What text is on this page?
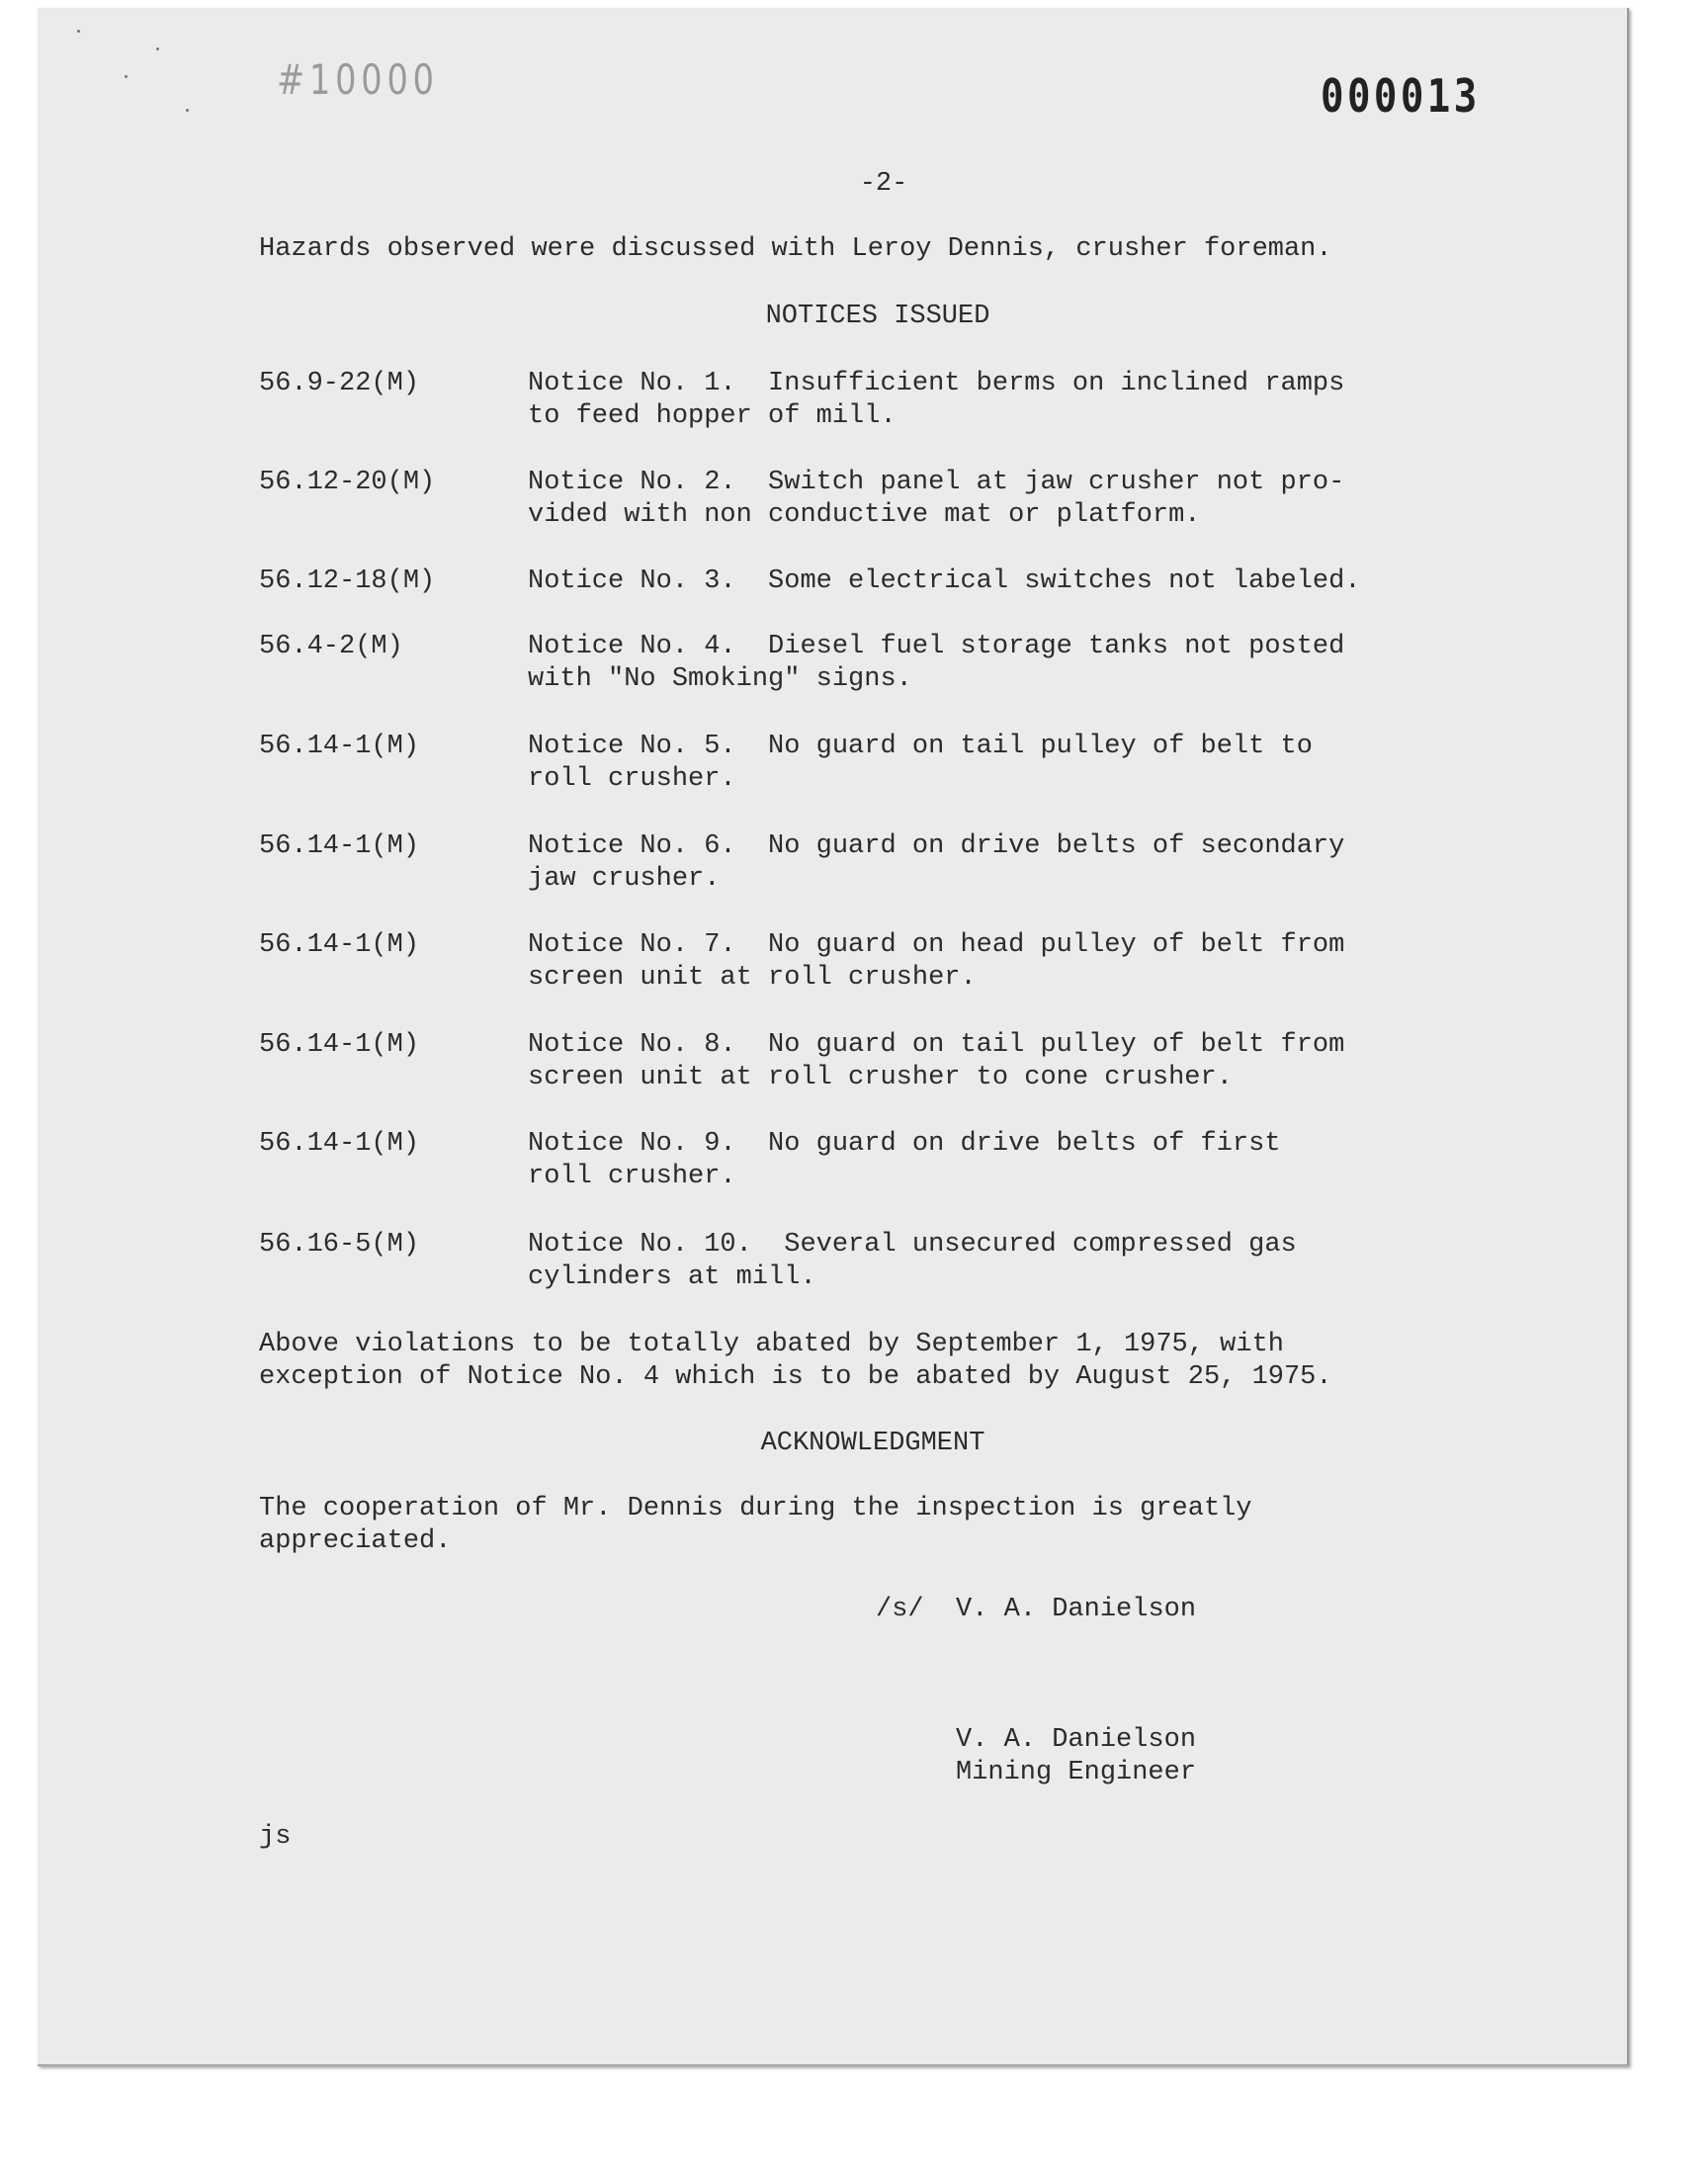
#10000	000013
-2-
Hazards observed were discussed with Leroy Dennis, crusher foreman.
NOTICES ISSUED
56.9-22(M)	Notice No. 1.  Insufficient berms on inclined ramps
to feed hopper of mill.
56.12-20(M)	Notice No. 2.  Switch panel at jaw crusher not pro-
vided with non conductive mat or platform.
56.12-18(M)	Notice No. 3.  Some electrical switches not labeled.
56.4-2(M)	Notice No. 4.  Diesel fuel storage tanks not posted
with "No Smoking" signs.
56.14-1(M)	Notice No. 5.  No guard on tail pulley of belt to
roll crusher.
56.14-1(M)	Notice No. 6.  No guard on drive belts of secondary
jaw crusher.
56.14-1(M)	Notice No. 7.  No guard on head pulley of belt from
screen unit at roll crusher.
56.14-1(M)	Notice No. 8.  No guard on tail pulley of belt from
screen unit at roll crusher to cone crusher.
56.14-1(M)	Notice No. 9.  No guard on drive belts of first
roll crusher.
56.16-5(M)	Notice No. 10.  Several unsecured compressed gas
cylinders at mill.
Above violations to be totally abated by September 1, 1975, with
exception of Notice No. 4 which is to be abated by August 25, 1975.
ACKNOWLEDGMENT
The cooperation of Mr. Dennis during the inspection is greatly
appreciated.
/s/  V. A. Danielson
V. A. Danielson
Mining Engineer
js
